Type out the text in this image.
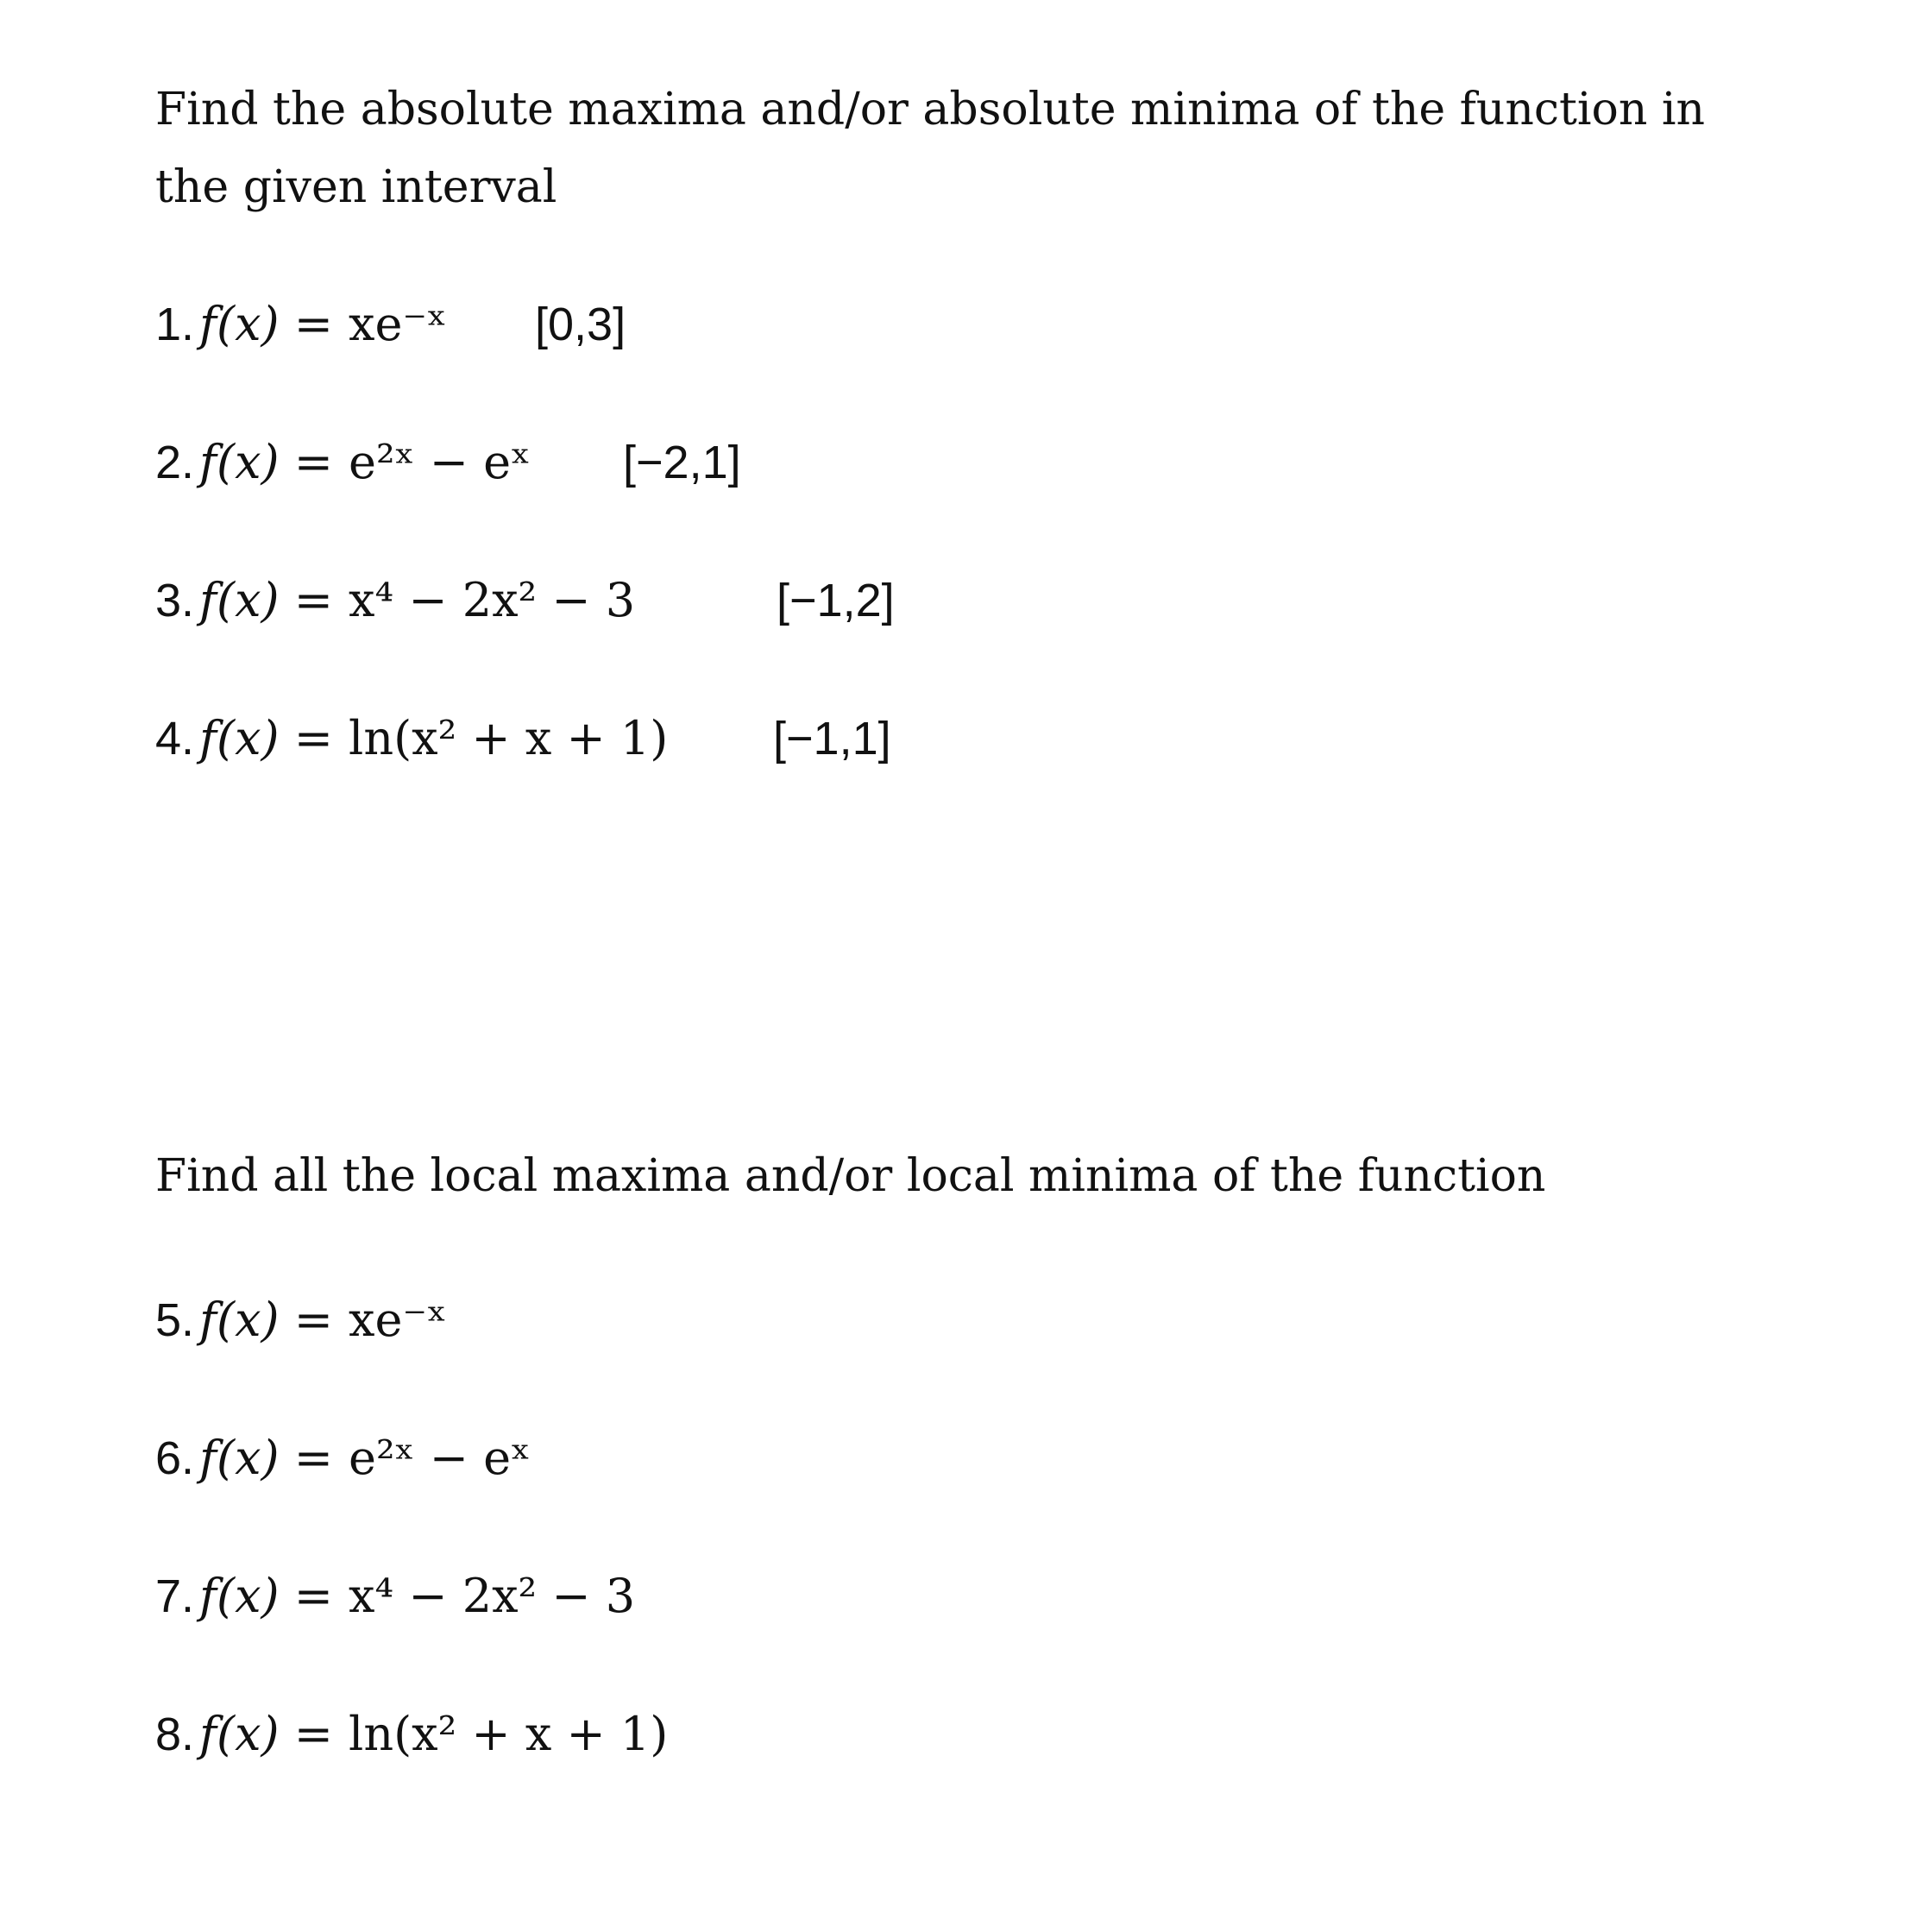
Find the absolute maxima and/or absolute minima of the function in

the given interval

1. f(x) = xe⁻ˣ [0,3]
2. f(x) = e²ˣ − eˣ [−2,1]
3. f(x) = x⁴ − 2x² − 3	[−1,2]
4. f(x) = ln(x² + x + 1) [−1,1]

Find all the local maxima and/or local minima of the function

5. f(x) = xe⁻ˣ
6. f(x) = e²ˣ − eˣ
7. f(x) = x⁴ − 2x² − 3
8. f(x) = ln(x² + x + 1)
